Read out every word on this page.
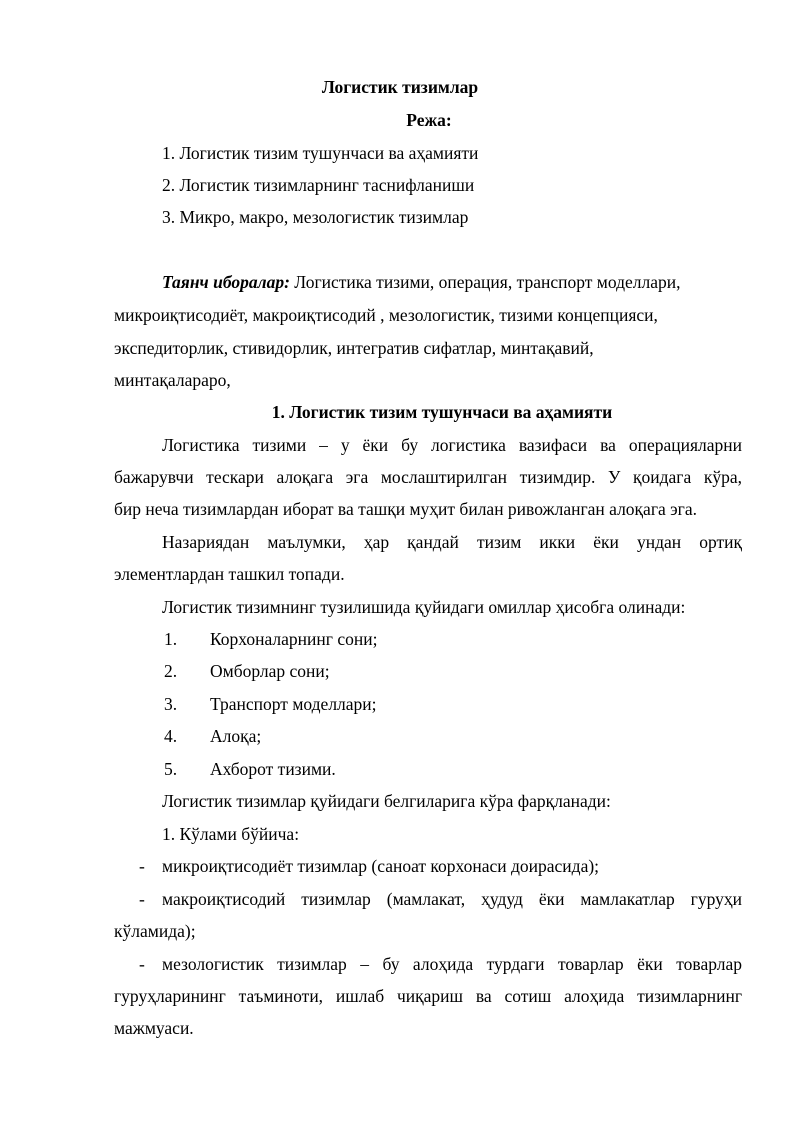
Логистик тизимлар
Режа:
1. Логистик тизим тушунчаси ва аҳамияти
2. Логистик тизимларнинг таснифланиши
3. Микро, макро, мезологистик тизимлар
Таянч иборалар: Логистика тизими, операция, транспорт моделлари,
микроиқтисодиёт, макроиқтисодий , мезологистик, тизими концепцияси,
экспедиторлик, стивидорлик, интегратив сифатлар, минтақавий,
минтақалараро,
1. Логистик тизим тушунчаси ва аҳамияти
Логистика тизими – у ёки бу логистика вазифаси ва операцияларни
бажарувчи тескари алоқага эга мослаштирилган тизимдир. У қоидага кўра,
бир неча тизимлардан иборат ва ташқи муҳит билан ривожланган алоқага эга.
Назариядан маълумки, ҳар қандай тизим икки ёки ундан ортиқ
элементлардан ташкил топади.
Логистик тизимнинг тузилишида қуйидаги омиллар ҳисобга олинади:
1. Корхоналарнинг сони;
2. Омборлар сони;
3. Транспорт моделлари;
4. Алоқа;
5. Ахборот тизими.
Логистик тизимлар қуйидаги белгиларига кўра фарқланади:
1. Кўлами бўйича:
- микроиқтисодиёт тизимлар (саноат корхонаси доирасида);
- макроиқтисодий тизимлар (мамлакат, ҳудуд ёки мамлакатлар гуруҳи
кўламида);
- мезологистик тизимлар – бу алоҳида турдаги товарлар ёки товарлар
гуруҳларининг таъминоти, ишлаб чиқариш ва сотиш алоҳида тизимларнинг
мажмуаси.
